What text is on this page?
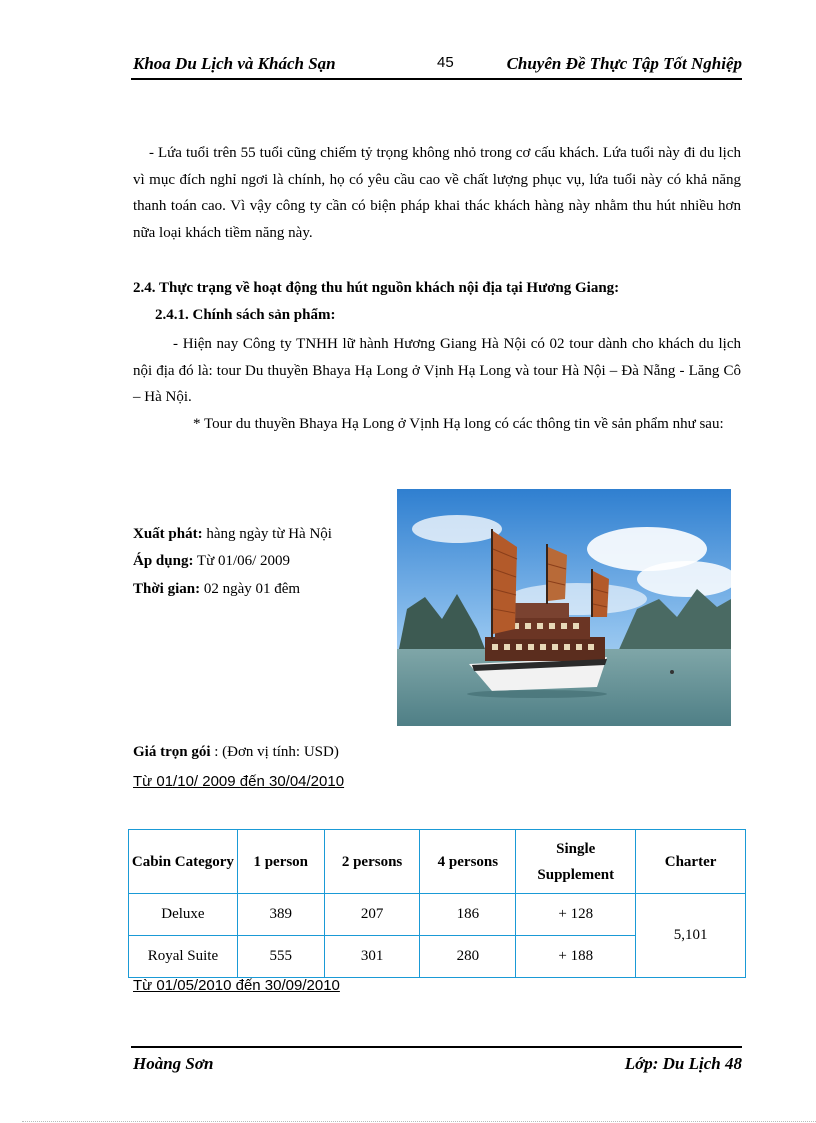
Khoa Du Lịch và Khách Sạn	45	Chuyên Đề Thực Tập Tốt Nghiệp

- Lứa tuổi trên 55 tuổi cũng chiếm tỷ trọng không nhỏ trong cơ cấu khách. Lứa tuổi này đi du lịch vì mục đích nghỉ ngơi là chính, họ có yêu cầu cao về chất lượng phục vụ, lứa tuổi này có khả năng thanh toán cao. Vì vậy công ty cần có biện pháp khai thác khách hàng này nhằm thu hút nhiều hơn nữa loại khách tiềm năng này.

2.4. Thực trạng về hoạt động thu hút nguồn khách nội địa tại Hương Giang:

2.4.1. Chính sách sản phẩm:

- Hiện nay Công ty TNHH lữ hành Hương Giang Hà Nội có 02 tour dành cho khách du lịch nội địa đó là: tour Du thuyền Bhaya Hạ Long ở Vịnh Hạ Long và tour Hà Nội – Đà Nẵng - Lăng Cô – Hà Nội.

* Tour du thuyền Bhaya Hạ Long ở Vịnh Hạ long có các thông tin về sản phẩm như sau:

Xuất phát: hàng ngày từ Hà Nội

Áp dụng: Từ 01/06/ 2009

Thời gian: 02 ngày 01 đêm

Giá trọn gói : (Đơn vị tính: USD)

Từ 01/10/ 2009 đến 30/04/2010

Cabin Category	1 person	2 persons	4 persons	Single Supplement	Charter
Deluxe	389	207	186	+ 128	5,101
Royal Suite	555	301	280	+ 188	

Từ 01/05/2010 đến 30/09/2010

Hoàng Sơn	Lớp: Du Lịch 48
